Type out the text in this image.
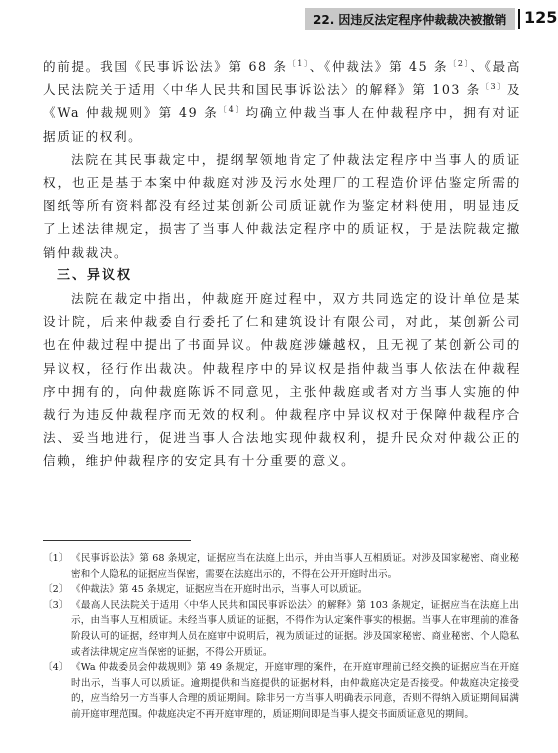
22. 因违反法定程序仲裁裁决被撤销 125

的前提。我国《民事诉讼法》第 68 条$^{〔1〕}$、《仲裁法》第 45 条$^{〔2〕}$、《最高人民法院关于适用〈中华人民共和国民事诉讼法〉的解释》第 103 条$^{〔3〕}$及《Wa 仲裁规则》第 49 条$^{〔4〕}$均确立仲裁当事人在仲裁程序中，拥有对证据质证的权利。

法院在其民事裁定中，提纲挈领地肯定了仲裁法定程序中当事人的质证权，也正是基于本案中仲裁庭对涉及污水处理厂的工程造价评估鉴定所需的图纸等所有资料都没有经过某创新公司质证就作为鉴定材料使用，明显违反了上述法律规定，损害了当事人仲裁法定程序中的质证权，于是法院裁定撤销仲裁裁决。

三、异议权

法院在裁定中指出，仲裁庭开庭过程中，双方共同选定的设计单位是某设计院，后来仲裁委自行委托了仁和建筑设计有限公司，对此，某创新公司也在仲裁过程中提出了书面异议。仲裁庭涉嫌越权，且无视了某创新公司的异议权，径行作出裁决。仲裁程序中的异议权是指仲裁当事人依法在仲裁程序中拥有的，向仲裁庭陈诉不同意见，主张仲裁庭或者对方当事人实施的仲裁行为违反仲裁程序而无效的权利。仲裁程序中异议权对于保障仲裁程序合法、妥当地进行，促进当事人合法地实现仲裁权利，提升民众对仲裁公正的信赖，维护仲裁程序的安定具有十分重要的意义。

〔1〕 《民事诉讼法》第 68 条规定，证据应当在法庭上出示，并由当事人互相质证。对涉及国家秘密、商业秘密和个人隐私的证据应当保密，需要在法庭出示的，不得在公开开庭时出示。

〔2〕 《仲裁法》第 45 条规定，证据应当在开庭时出示，当事人可以质证。

〔3〕 《最高人民法院关于适用〈中华人民共和国民事诉讼法〉的解释》第 103 条规定，证据应当在法庭上出示，由当事人互相质证。未经当事人质证的证据，不得作为认定案件事实的根据。当事人在审理前的准备阶段认可的证据，经审判人员在庭审中说明后，视为质证过的证据。涉及国家秘密、商业秘密、个人隐私或者法律规定应当保密的证据，不得公开质证。

〔4〕 《Wa 仲裁委员会仲裁规则》第 49 条规定，开庭审理的案件，在开庭审理前已经交换的证据应当在开庭时出示，当事人可以质证。逾期提供和当庭提供的证据材料，由仲裁庭决定是否接受。仲裁庭决定接受的，应当给另一方当事人合理的质证期间。除非另一方当事人明确表示同意，否则不得纳入质证期间届满前开庭审理范围。仲裁庭决定不再开庭审理的，质证期间即是当事人提交书面质证意见的期间。
